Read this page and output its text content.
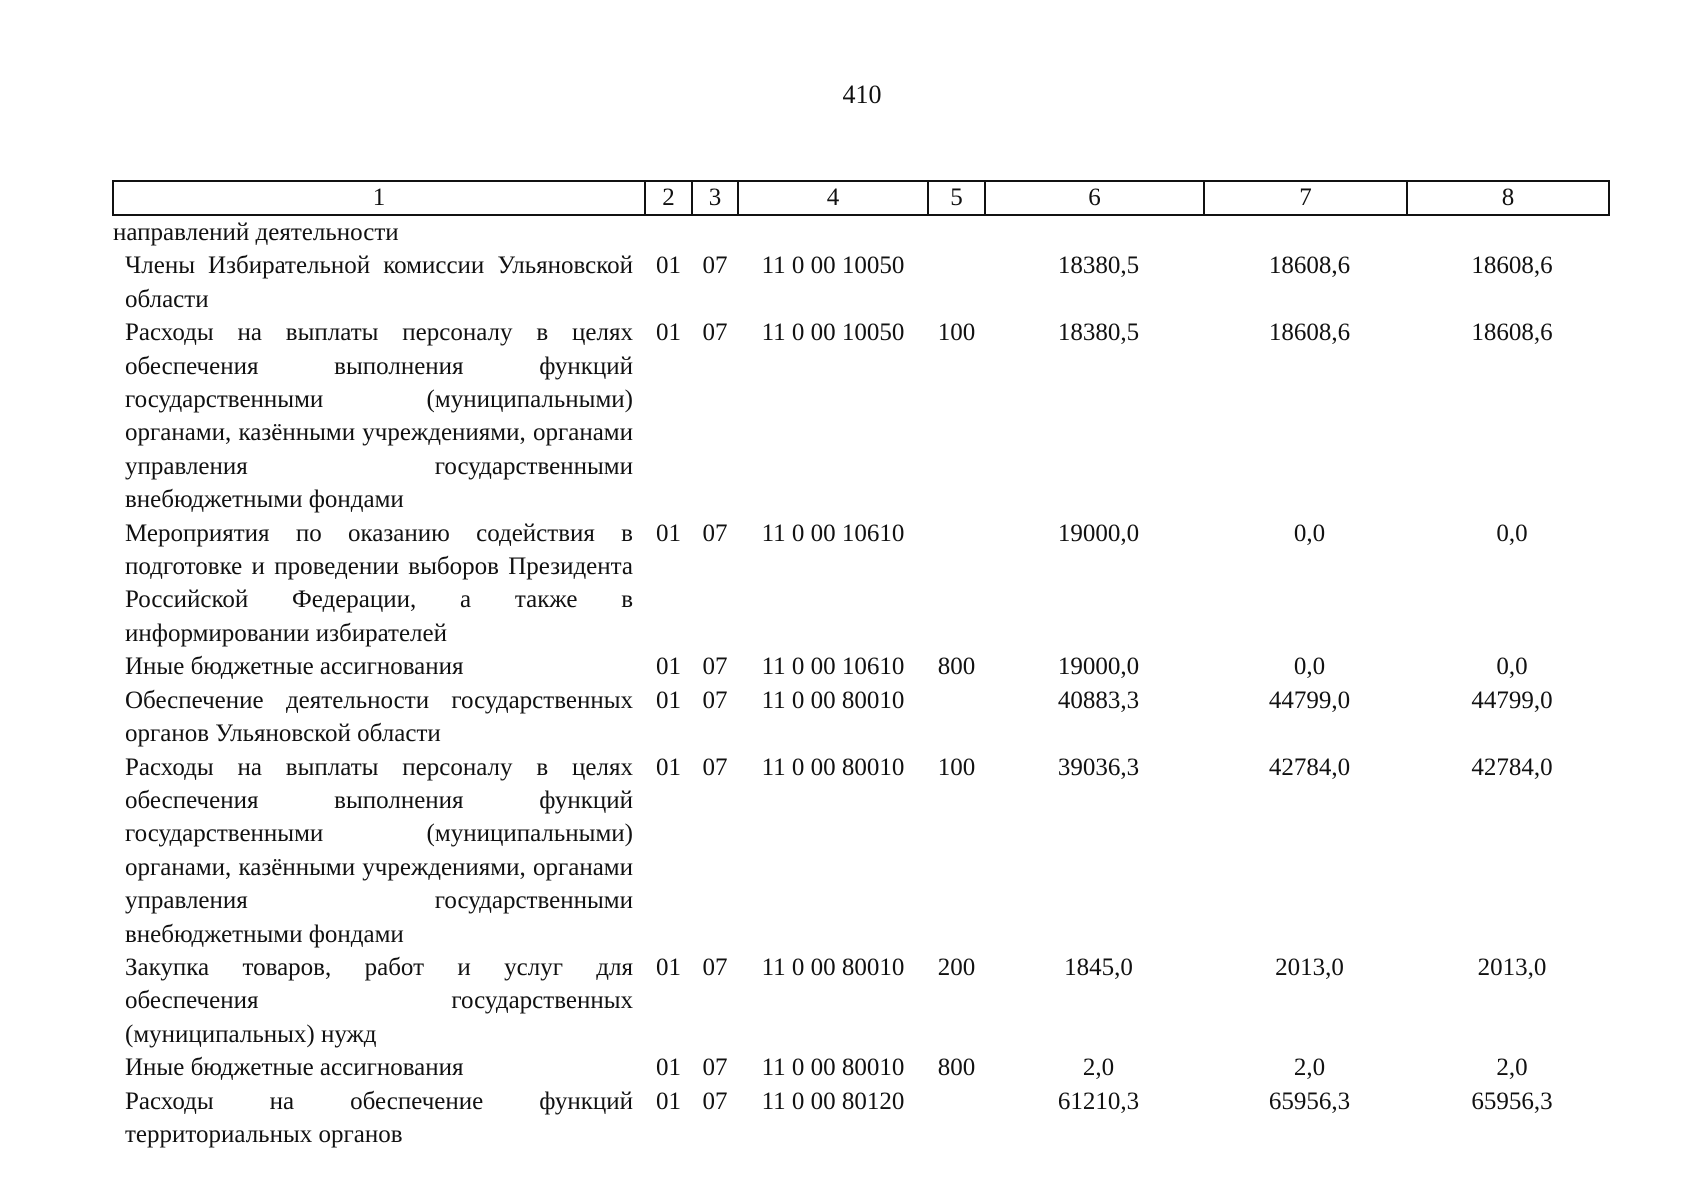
410
1	2	3	4	5	6	7	8
направлений деятельности							
Члены Избирательной комиссии Ульяновской области	01	07	11 0 00 10050		18380,5	18608,6	18608,6
Расходы на выплаты персоналу в целях обеспечения выполнения функций государственными (муниципальными) органами, казёнными учреждениями, органами управления государственными внебюджетными фондами	01	07	11 0 00 10050	100	18380,5	18608,6	18608,6
Мероприятия по оказанию содействия в подготовке и проведении выборов Президента Российской Федерации, а также в информировании избирателей	01	07	11 0 00 10610		19000,0	0,0	0,0
Иные бюджетные ассигнования	01	07	11 0 00 10610	800	19000,0	0,0	0,0
Обеспечение деятельности государственных органов Ульяновской области	01	07	11 0 00 80010		40883,3	44799,0	44799,0
Расходы на выплаты персоналу в целях обеспечения выполнения функций государственными (муниципальными) органами, казёнными учреждениями, органами управления государственными внебюджетными фондами	01	07	11 0 00 80010	100	39036,3	42784,0	42784,0
Закупка товаров, работ и услуг для обеспечения государственных (муниципальных) нужд	01	07	11 0 00 80010	200	1845,0	2013,0	2013,0
Иные бюджетные ассигнования	01	07	11 0 00 80010	800	2,0	2,0	2,0
Расходы на обеспечение функций территориальных органов	01	07	11 0 00 80120		61210,3	65956,3	65956,3
